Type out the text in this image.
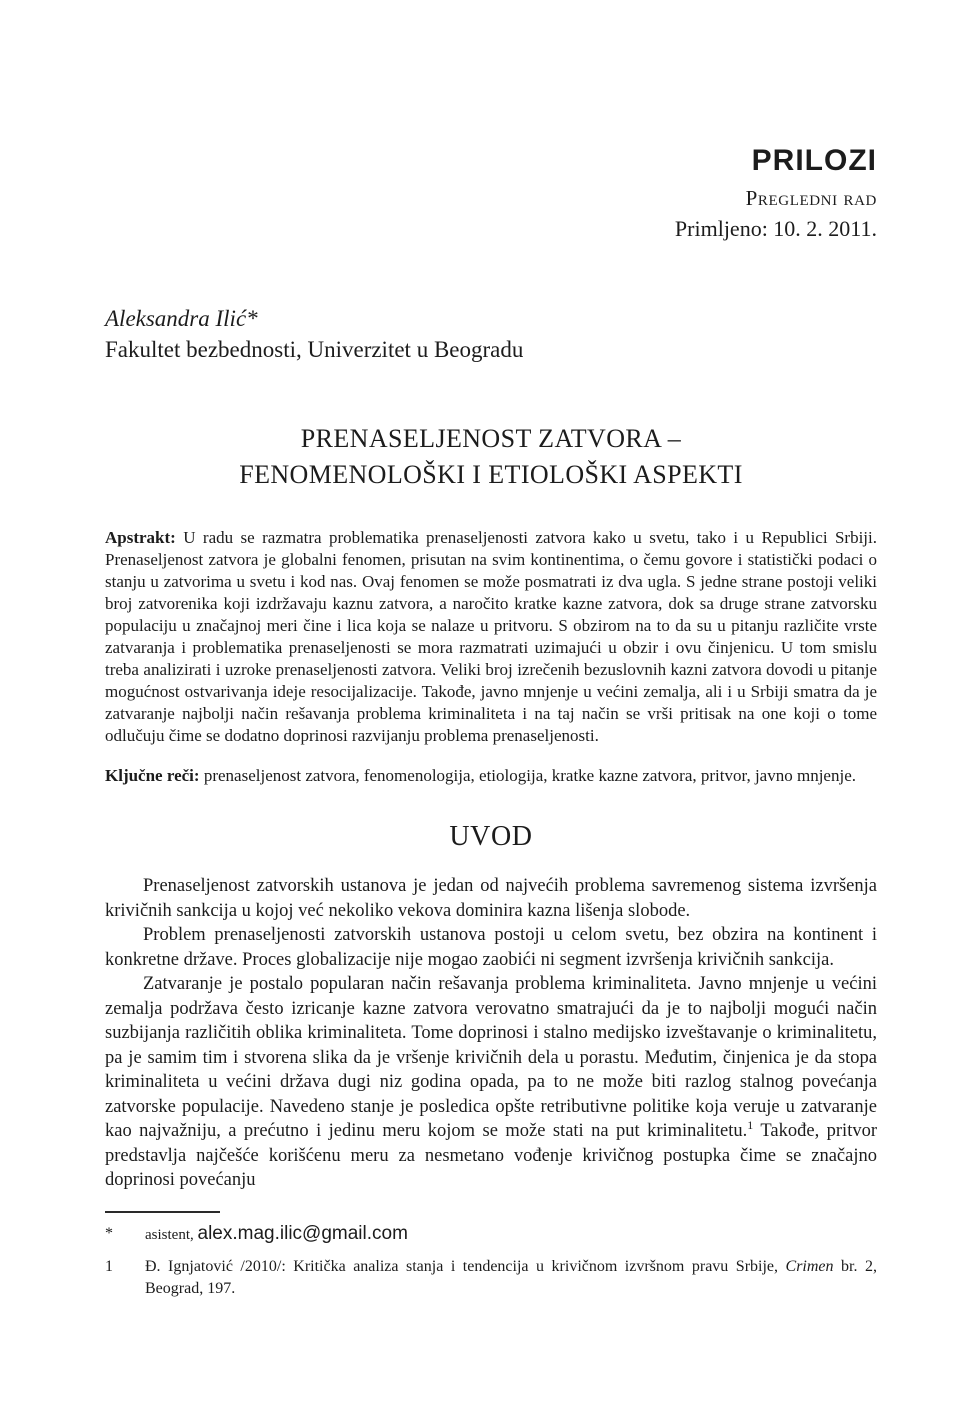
PRILOZI
Pregledni rad
Primljeno: 10. 2. 2011.
Aleksandra Ilić*
Fakultet bezbednosti, Univerzitet u Beogradu
PRENASELJENOST ZATVORA –
FENOMENOLOŠKI I ETIOLOŠKI ASPEKTI

Apstrakt: U radu se razmatra problematika prenaseljenosti zatvora kako u svetu, tako i u Republici Srbiji. Prenaseljenost zatvora je globalni fenomen, prisutan na svim kontinentima, o čemu govore i statistički podaci o stanju u zatvorima u svetu i kod nas. Ovaj fenomen se može posmatrati iz dva ugla. S jedne strane postoji veliki broj zatvorenika koji izdržavaju kaznu zatvora, a naročito kratke kazne zatvora, dok sa druge strane zatvorsku populaciju u značajnoj meri čine i lica koja se nalaze u pritvoru. S obzirom na to da su u pitanju različite vrste zatvaranja i problematika prenaseljenosti se mora razmatrati uzimajući u obzir i ovu činjenicu. U tom smislu treba analizirati i uzroke prenaseljenosti zatvora. Veliki broj izrečenih bezuslovnih kazni zatvora dovodi u pitanje mogućnost ostvarivanja ideje resocijalizacije. Takođe, javno mnjenje u većini zemalja, ali i u Srbiji smatra da je zatvaranje najbolji način rešavanja problema kriminaliteta i na taj način se vrši pritisak na one koji o tome odlučuju čime se dodatno doprinosi razvijanju problema prenaseljenosti.

Ključne reči: prenaseljenost zatvora, fenomenologija, etiologija, kratke kazne zatvora, pritvor, javno mnjenje.

UVOD

Prenaseljenost zatvorskih ustanova je jedan od najvećih problema savremenog sistema izvršenja krivičnih sankcija u kojoj već nekoliko vekova dominira kazna lišenja slobode.

Problem prenaseljenosti zatvorskih ustanova postoji u celom svetu, bez obzira na kontinent i konkretne države. Proces globalizacije nije mogao zaobići ni segment izvršenja krivičnih sankcija.

Zatvaranje je postalo popularan način rešavanja problema kriminaliteta. Javno mnjenje u većini zemalja podržava često izricanje kazne zatvora verovatno smatrajući da je to najbolji mogući način suzbijanja različitih oblika kriminaliteta. Tome doprinosi i stalno medijsko izveštavanje o kriminalitetu, pa je samim tim i stvorena slika da je vršenje krivičnih dela u porastu. Međutim, činjenica je da stopa kriminaliteta u većini država dugi niz godina opada, pa to ne može biti razlog stalnog povećanja zatvorske populacije. Navedeno stanje je posledica opšte retributivne politike koja veruje u zatvaranje kao najvažniju, a prećutno i jedinu meru kojom se može stati na put kriminalitetu.$^1$ Takođe, pritvor predstavlja najčešće korišćenu meru za nesmetano vođenje krivičnog postupka čime se značajno doprinosi povećanju

*	asistent, alex.mag.ilic@gmail.com
1	Đ. Ignjatović /2010/: Kritička analiza stanja i tendencija u krivičnom izvršnom pravu Srbije, Crimen br. 2, Beograd, 197.
